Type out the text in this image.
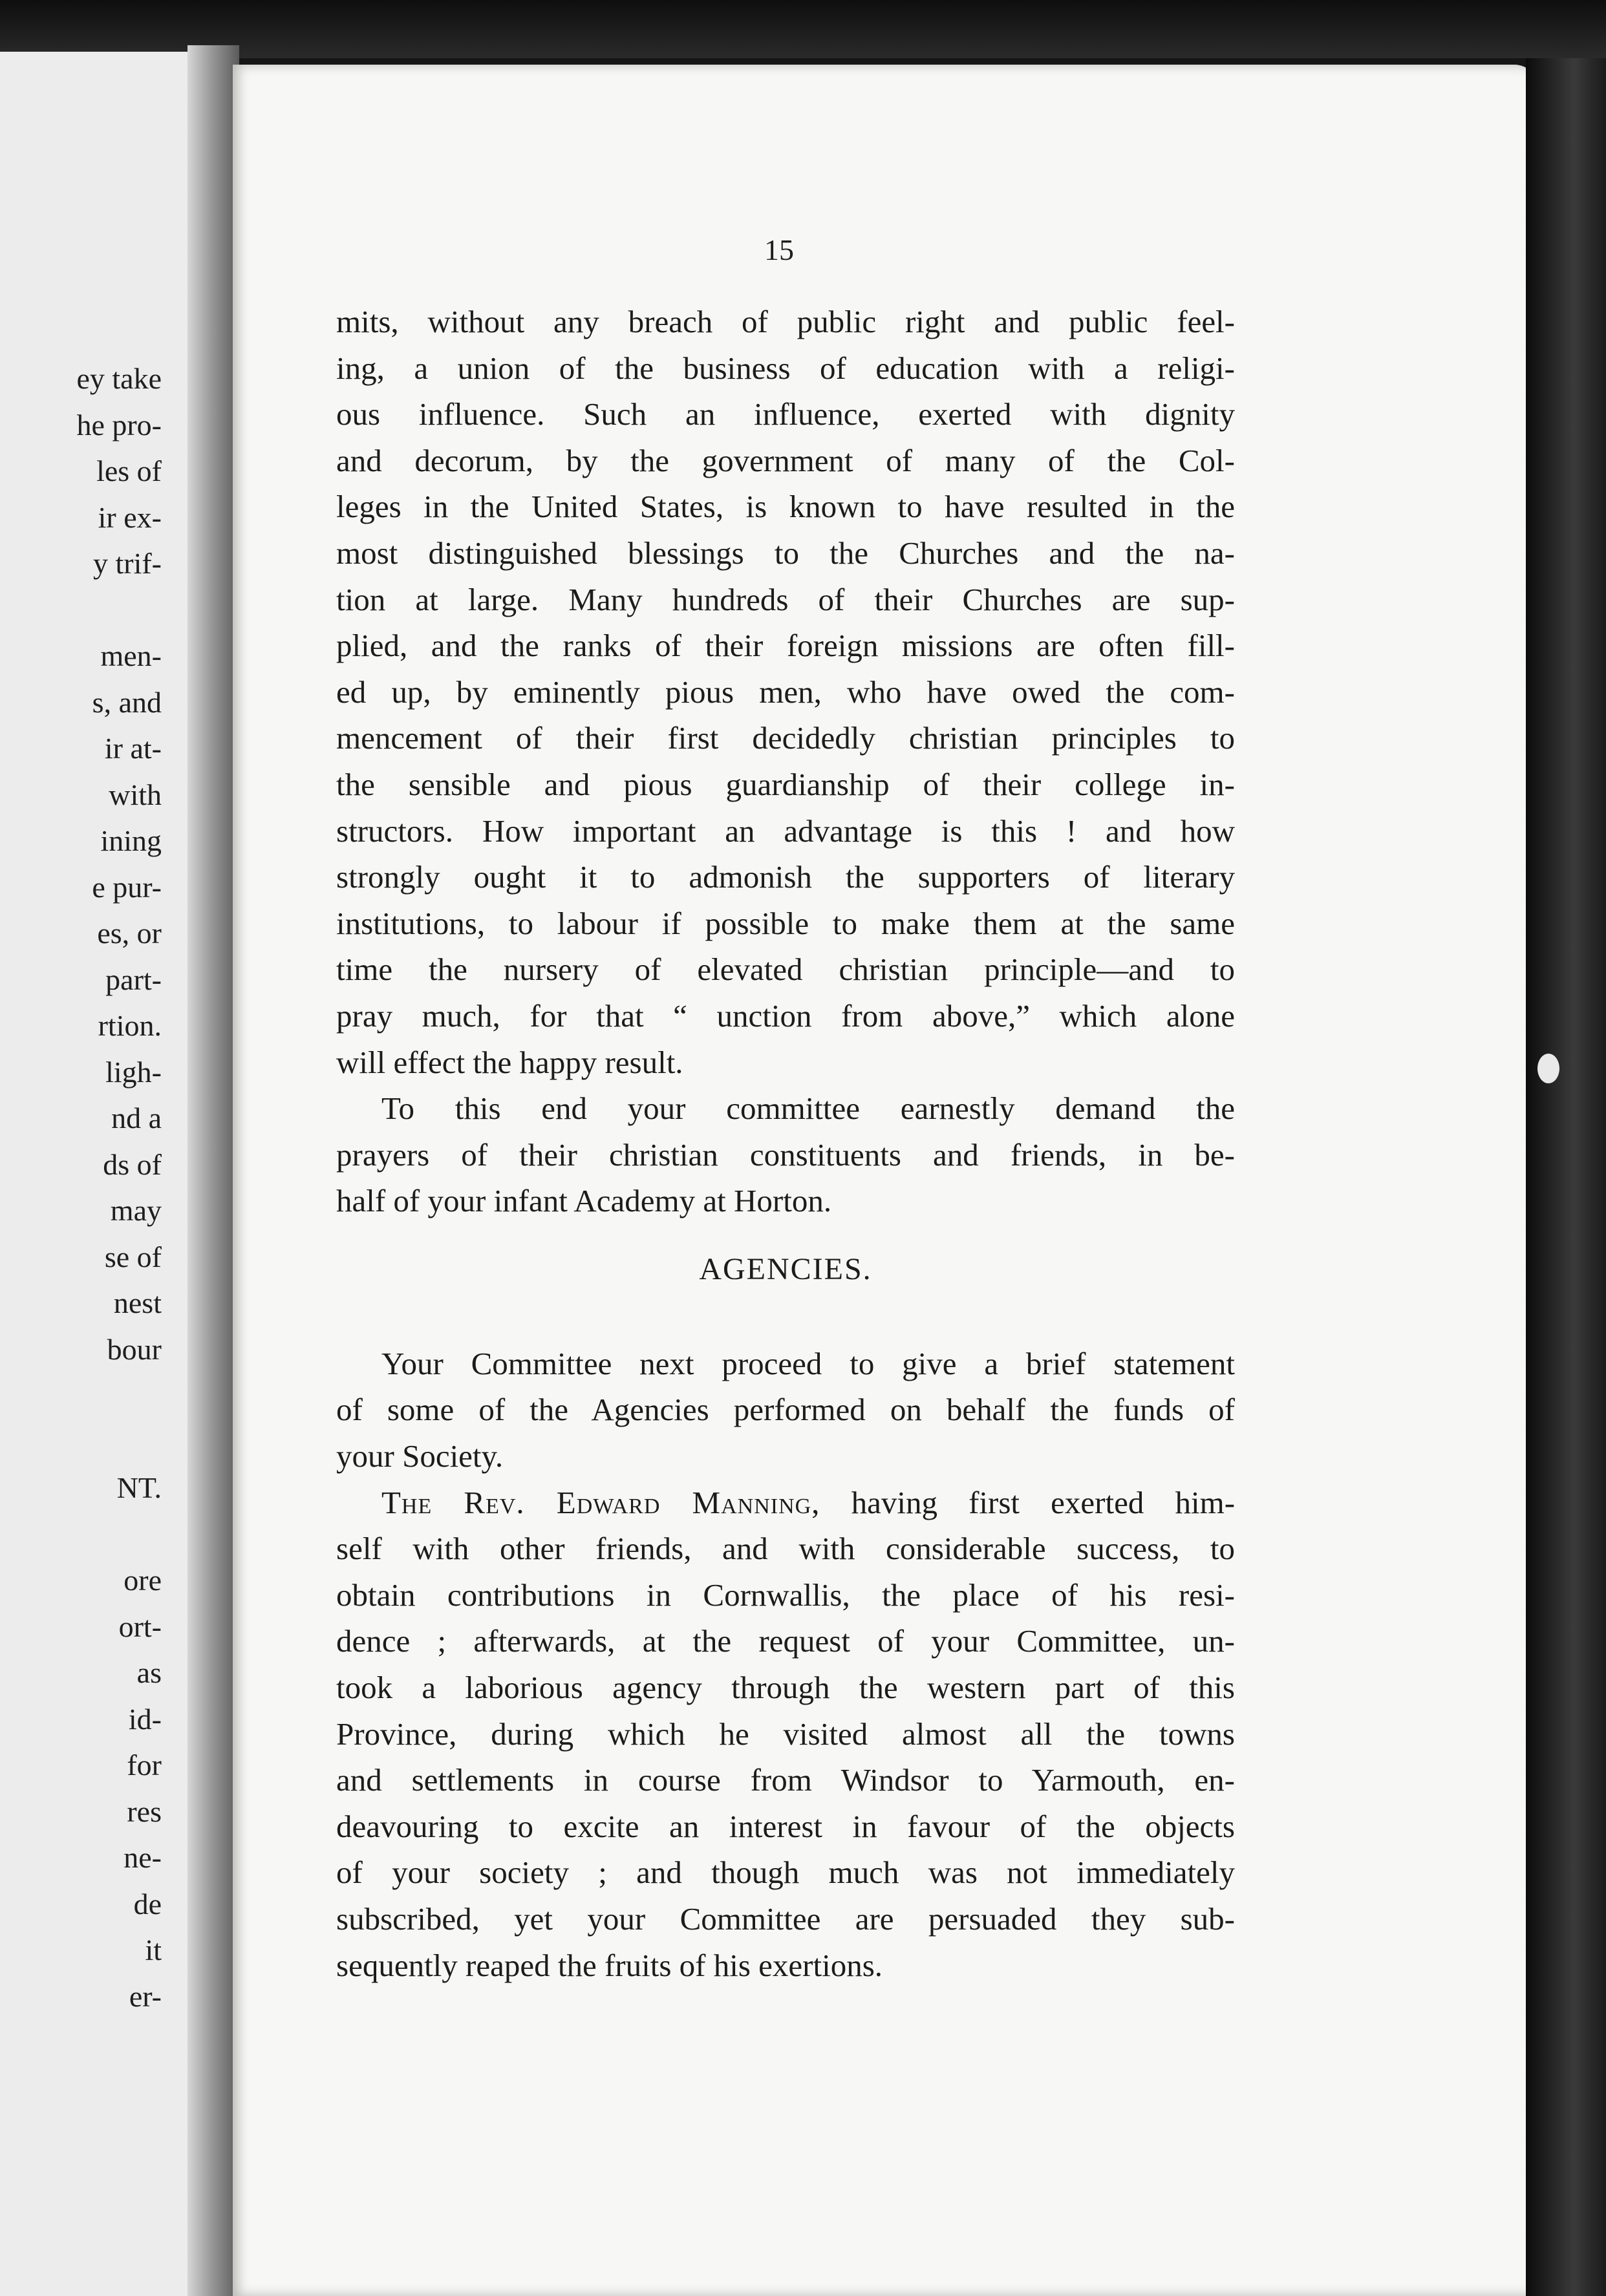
ey take
he pro-
les of
ir ex-
y trif-
men-
s, and
ir at-
with
ining
e pur-
es, or
part-
rtion.
ligh-
nd a
ds of
may
se of
nest
bour
NT.
ore
ort-
as
id-
for
res
ne-
de
it
er-
15
mits, without any breach of public right and public feel-
ing, a union of the business of education with a religi-
ous influence. Such an influence, exerted with dignity
and decorum, by the government of many of the Col-
leges in the United States, is known to have resulted in the
most distinguished blessings to the Churches and the na-
tion at large. Many hundreds of their Churches are sup-
plied, and the ranks of their foreign missions are often fill-
ed up, by eminently pious men, who have owed the com-
mencement of their first decidedly christian principles to
the sensible and pious guardianship of their college in-
structors. How important an advantage is this ! and how
strongly ought it to admonish the supporters of literary
institutions, to labour if possible to make them at the same
time the nursery of elevated christian principle—and to
pray much, for that “ unction from above,” which alone
will effect the happy result.
To this end your committee earnestly demand the
prayers of their christian constituents and friends, in be-
half of your infant Academy at Horton.
AGENCIES.
Your Committee next proceed to give a brief statement
of some of the Agencies performed on behalf the funds of
your Society.
The Rev. Edward Manning, having first exerted him-
self with other friends, and with considerable success, to
obtain contributions in Cornwallis, the place of his resi-
dence ; afterwards, at the request of your Committee, un-
took a laborious agency through the western part of this
Province, during which he visited almost all the towns
and settlements in course from Windsor to Yarmouth, en-
deavouring to excite an interest in favour of the objects
of your society ; and though much was not immediately
subscribed, yet your Committee are persuaded they sub-
sequently reaped the fruits of his exertions.
